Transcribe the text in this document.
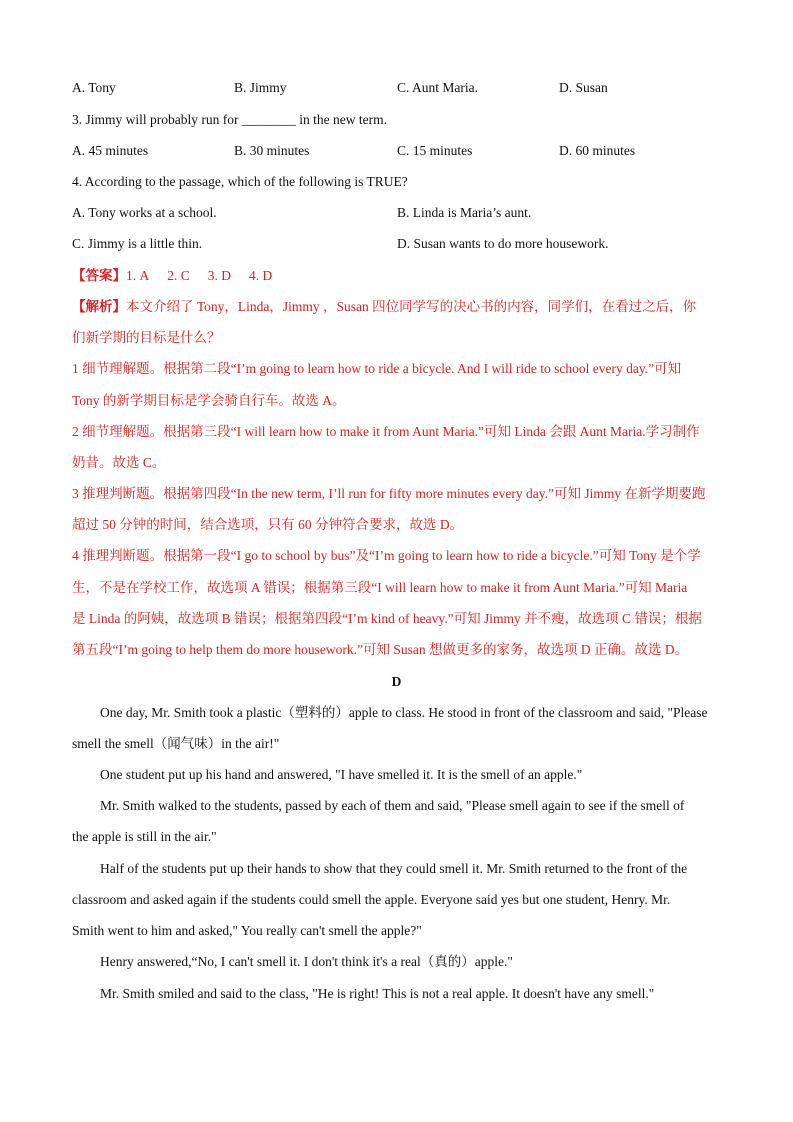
A. Tony	B. Jimmy	C. Aunt Maria.	D. Susan
3. Jimmy will probably run for ________ in the new term.
A. 45 minutes	B. 30 minutes	C. 15 minutes	D. 60 minutes
4. According to the passage, which of the following is TRUE?
A. Tony works at a school.	B. Linda is Maria’s aunt.
C. Jimmy is a little thin.	D. Susan wants to do more housework.
【答案】1. A 2. C 3. D 4. D
【解析】本文介绍了 Tony，Linda，Jimmy ，Susan 四位同学写的决心书的内容，同学们，在看过之后，你
们新学期的目标是什么？
1 细节理解题。根据第二段“I’m going to learn how to ride a bicycle. And I will ride to school every day.”可知
Tony 的新学期目标是学会骑自行车。故选 A。
2 细节理解题。根据第三段“I will learn how to make it from Aunt Maria.”可知 Linda 会跟 Aunt Maria.学习制作
奶昔。故选 C。
3 推理判断题。根据第四段“In the new term, I’ll run for fifty more minutes every day.”可知 Jimmy 在新学期要跑
超过 50 分钟的时间，结合选项，只有 60 分钟符合要求，故选 D。
4 推理判断题。根据第一段“I go to school by bus”及“I’m going to learn how to ride a bicycle.”可知 Tony 是个学
生，不是在学校工作，故选项 A 错误；根据第三段“I will learn how to make it from Aunt Maria.”可知 Maria
是 Linda 的阿姨，故选项 B 错误；根据第四段“I’m kind of heavy.”可知 Jimmy 并不瘦，故选项 C 错误；根据
第五段“I’m going to help them do more housework.”可知 Susan 想做更多的家务，故选项 D 正确。故选 D。
D
One day, Mr. Smith took a plastic（塑料的）apple to class. He stood in front of the classroom and said, "Please
smell the smell（闻气味）in the air!"
One student put up his hand and answered, "I have smelled it. It is the smell of an apple."
Mr. Smith walked to the students, passed by each of them and said, "Please smell again to see if the smell of
the apple is still in the air."
Half of the students put up their hands to show that they could smell it. Mr. Smith returned to the front of the
classroom and asked again if the students could smell the apple. Everyone said yes but one student, Henry. Mr.
Smith went to him and asked," You really can't smell the apple?"
Henry answered,“No, I can't smell it. I don't think it's a real（真的）apple."
Mr. Smith smiled and said to the class, "He is right! This is not a real apple. It doesn't have any smell."
